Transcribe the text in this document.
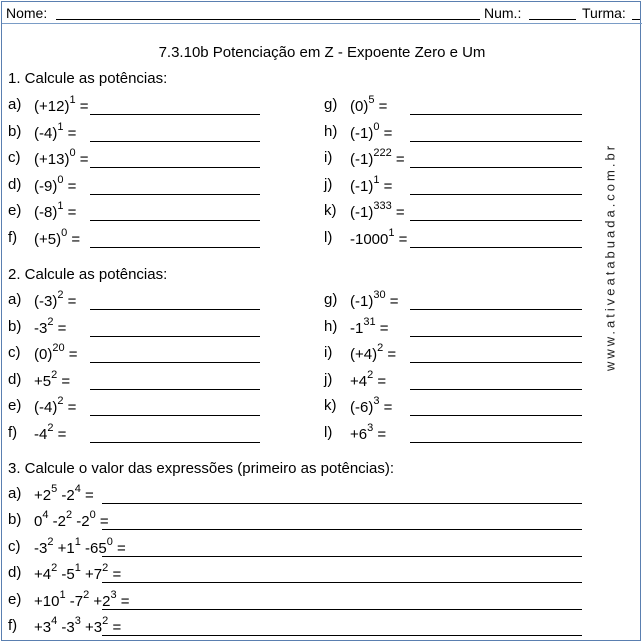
Nome:	Num.:	Turma:
7.3.10b Potenciação em Z - Expoente Zero e Um
1. Calcule as potências:
a) $(+12)^1$ =
b) $(-4)^1$ =
c) $(+13)^0$ =
d) $(-9)^0$ =
e) $(-8)^1$ =
f) $(+5)^0$ =
g) $(0)^5$ =
h) $(-1)^0$ =
i) $(-1)^{222}$ =
j) $(-1)^1$ =
k) $(-1)^{333}$ =
l) $-1000^1$ =
2. Calcule as potências:
a) $(-3)^2$ =
b) $-3^2$ =
c) $(0)^{20}$ =
$d) +5^2$ =
e) $(-4)^2$ =
f) $-4^2$ =
g) $(-1)^{30}$ =
h) $-1^{31}$ =
i) $(+4)^2$ =
$j) +4^2$ =
k) $(-6)^3$ =
$l) +6^3$ =
3. Calcule o valor das expressões (primeiro as potências):
$a) +2^5$ $-2^4$ =
b) $0^4$ $-2^2$ $-2^0$ =
c) $-3^2 +1^1$ $-65^0$ =
$d) +4^2$ $-5^1 +7^2$ =
$e) +10^1$ $-7^2 +2^3$ =
$f) +3^4$ $-3^3 +3^2$ =
www.ativeatabuada.com.br
